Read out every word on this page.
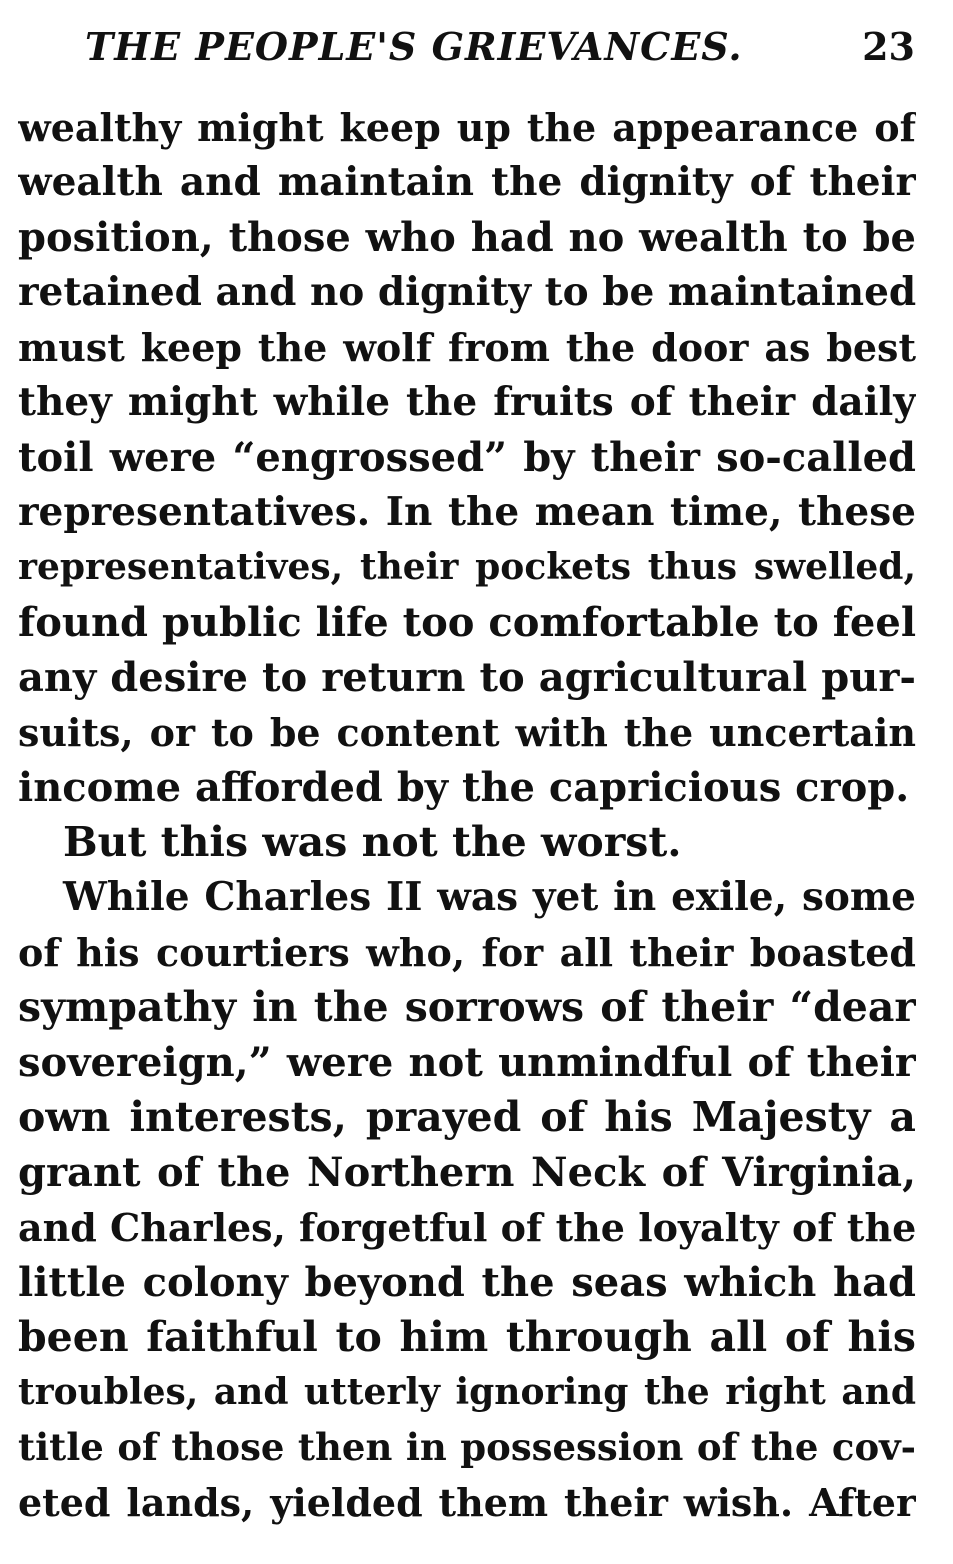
THE PEOPLE'S GRIEVANCES.	23
wealthy might keep up the appearance of
wealth and maintain the dignity of their
position, those who had no wealth to be
retained and no dignity to be maintained
must keep the wolf from the door as best
they might while the fruits of their daily
toil were “engrossed” by their so-called
representatives. In the mean time, these
representatives, their pockets thus swelled,
found public life too comfortable to feel
any desire to return to agricultural pur-
suits, or to be content with the uncertain
income afforded by the capricious crop.
But this was not the worst.
While Charles II was yet in exile, some
of his courtiers who, for all their boasted
sympathy in the sorrows of their “dear
sovereign,” were not unmindful of their
own interests, prayed of his Majesty a
grant of the Northern Neck of Virginia,
and Charles, forgetful of the loyalty of the
little colony beyond the seas which had
been faithful to him through all of his
troubles, and utterly ignoring the right and
title of those then in possession of the cov-
eted lands, yielded them their wish. After
